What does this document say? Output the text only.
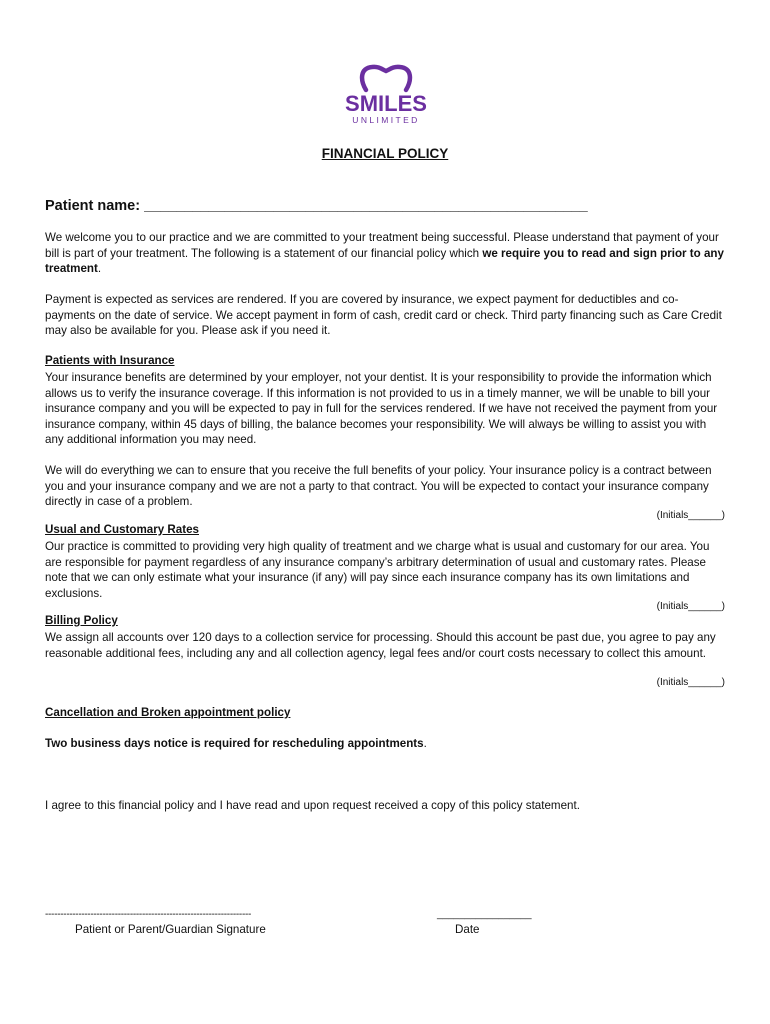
SMILES
UNLIMITED
FINANCIAL POLICY
Patient name: _______________________________________________________

We welcome you to our practice and we are committed to your treatment being successful. Please understand that payment of your bill is part of your treatment. The following is a statement of our financial policy which we require you to read and sign prior to any treatment.

Payment is expected as services are rendered. If you are covered by insurance, we expect payment for deductibles and co-payments on the date of service. We accept payment in form of cash, credit card or check. Third party financing such as Care Credit may also be available for you. Please ask if you need it.

Patients with Insurance

Your insurance benefits are determined by your employer, not your dentist. It is your responsibility to provide the information which allows us to verify the insurance coverage. If this information is not provided to us in a timely manner, we will be unable to bill your insurance company and you will be expected to pay in full for the services rendered. If we have not received the payment from your insurance company, within 45 days of billing, the balance becomes your responsibility. We will always be willing to assist you with any additional information you may need.

We will do everything we can to ensure that you receive the full benefits of your policy. Your insurance policy is a contract between you and your insurance company and we are not a party to that contract. You will be expected to contact your insurance company directly in case of a problem.

(Initials______)

Usual and Customary Rates

Our practice is committed to providing very high quality of treatment and we charge what is usual and customary for our area. You are responsible for payment regardless of any insurance company’s arbitrary determination of usual and customary rates. Please note that we can only estimate what your insurance (if any) will pay since each insurance company has its own limitations and exclusions.

(Initials______)

Billing Policy

We assign all accounts over 120 days to a collection service for processing. Should this account be past due, you agree to pay any reasonable additional fees, including any and all collection agency, legal fees and/or court costs necessary to collect this amount.

(Initials______)

Cancellation and Broken appointment policy

Two business days notice is required for rescheduling appointments.

I agree to this financial policy and I have read and upon request received a copy of this policy statement.

--------------------------------------------------------------------
Patient or Parent/Guardian Signature
_________________
Date
